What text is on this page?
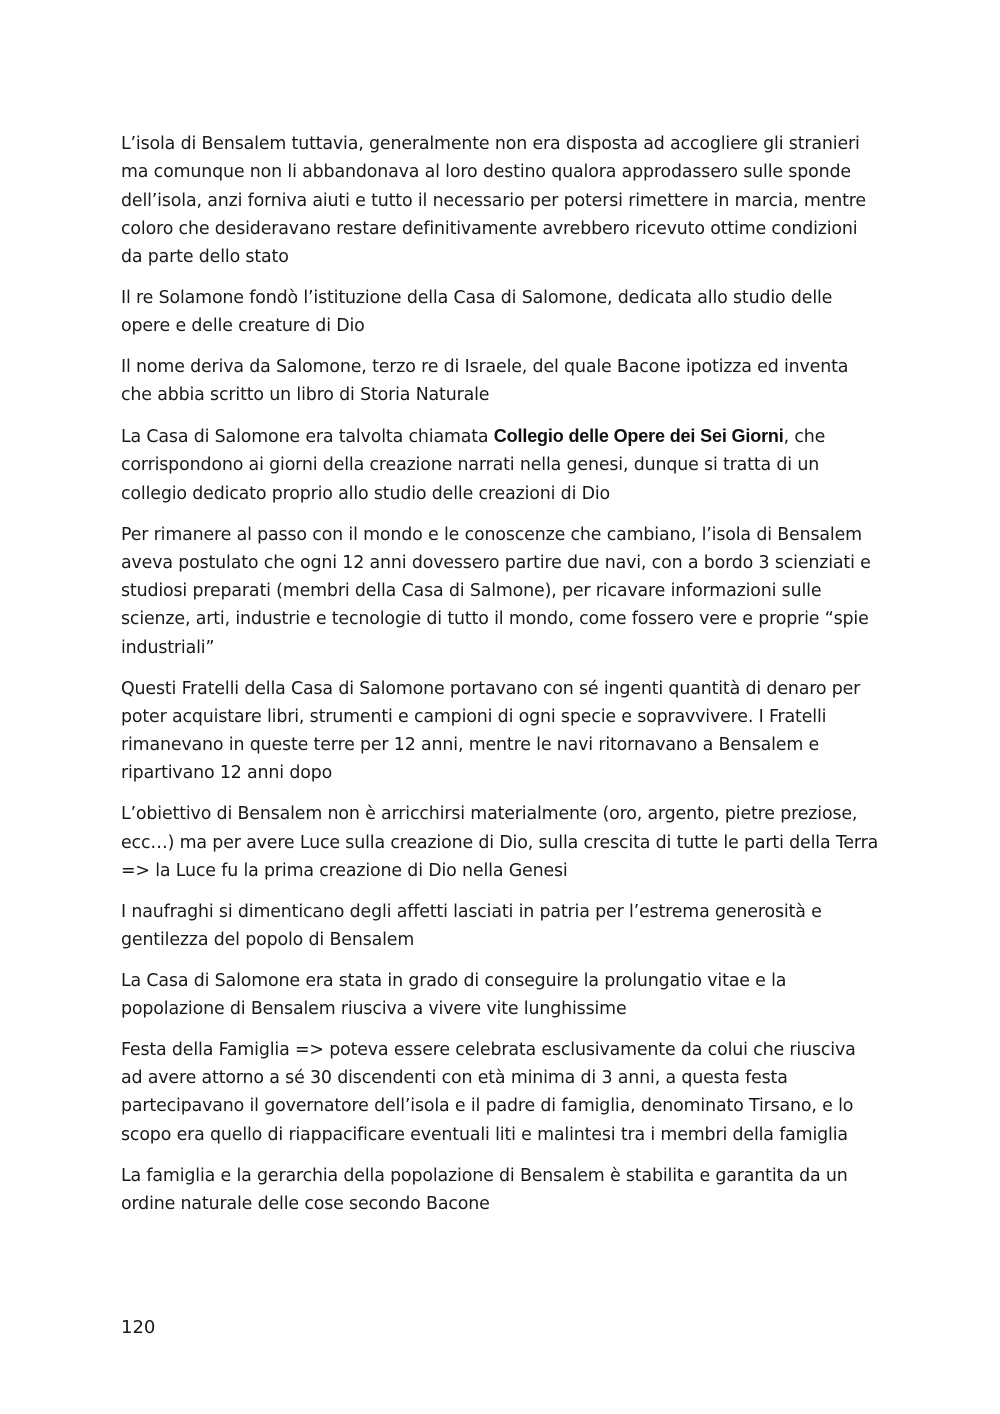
L’isola di Bensalem tuttavia, generalmente non era disposta ad accogliere gli stranieri ma comunque non li abbandonava al loro destino qualora approdassero sulle sponde dell’isola, anzi forniva aiuti e tutto il necessario per potersi rimettere in marcia, mentre coloro che desideravano restare definitivamente avrebbero ricevuto ottime condizioni da parte dello stato

Il re Solamone fondò l’istituzione della Casa di Salomone, dedicata allo studio delle opere e delle creature di Dio

Il nome deriva da Salomone, terzo re di Israele, del quale Bacone ipotizza ed inventa che abbia scritto un libro di Storia Naturale

La Casa di Salomone era talvolta chiamata Collegio delle Opere dei Sei Giorni, che corrispondono ai giorni della creazione narrati nella genesi, dunque si tratta di un collegio dedicato proprio allo studio delle creazioni di Dio

Per rimanere al passo con il mondo e le conoscenze che cambiano, l’isola di Bensalem aveva postulato che ogni 12 anni dovessero partire due navi, con a bordo 3 scienziati e studiosi preparati (membri della Casa di Salmone), per ricavare informazioni sulle scienze, arti, industrie e tecnologie di tutto il mondo, come fossero vere e proprie “spie industriali”

Questi Fratelli della Casa di Salomone portavano con sé ingenti quantità di denaro per poter acquistare libri, strumenti e campioni di ogni specie e sopravvivere. I Fratelli rimanevano in queste terre per 12 anni, mentre le navi ritornavano a Bensalem e ripartivano 12 anni dopo

L’obiettivo di Bensalem non è arricchirsi materialmente (oro, argento, pietre preziose, ecc…) ma per avere Luce sulla creazione di Dio, sulla crescita di tutte le parti della Terra => la Luce fu la prima creazione di Dio nella Genesi

I naufraghi si dimenticano degli affetti lasciati in patria per l’estrema generosità e gentilezza del popolo di Bensalem

La Casa di Salomone era stata in grado di conseguire la prolungatio vitae e la popolazione di Bensalem riusciva a vivere vite lunghissime

Festa della Famiglia => poteva essere celebrata esclusivamente da colui che riusciva ad avere attorno a sé 30 discendenti con età minima di 3 anni, a questa festa partecipavano il governatore dell’isola e il padre di famiglia, denominato Tirsano, e lo scopo era quello di riappacificare eventuali liti e malintesi tra i membri della famiglia

La famiglia e la gerarchia della popolazione di Bensalem è stabilita e garantita da un ordine naturale delle cose secondo Bacone

120
